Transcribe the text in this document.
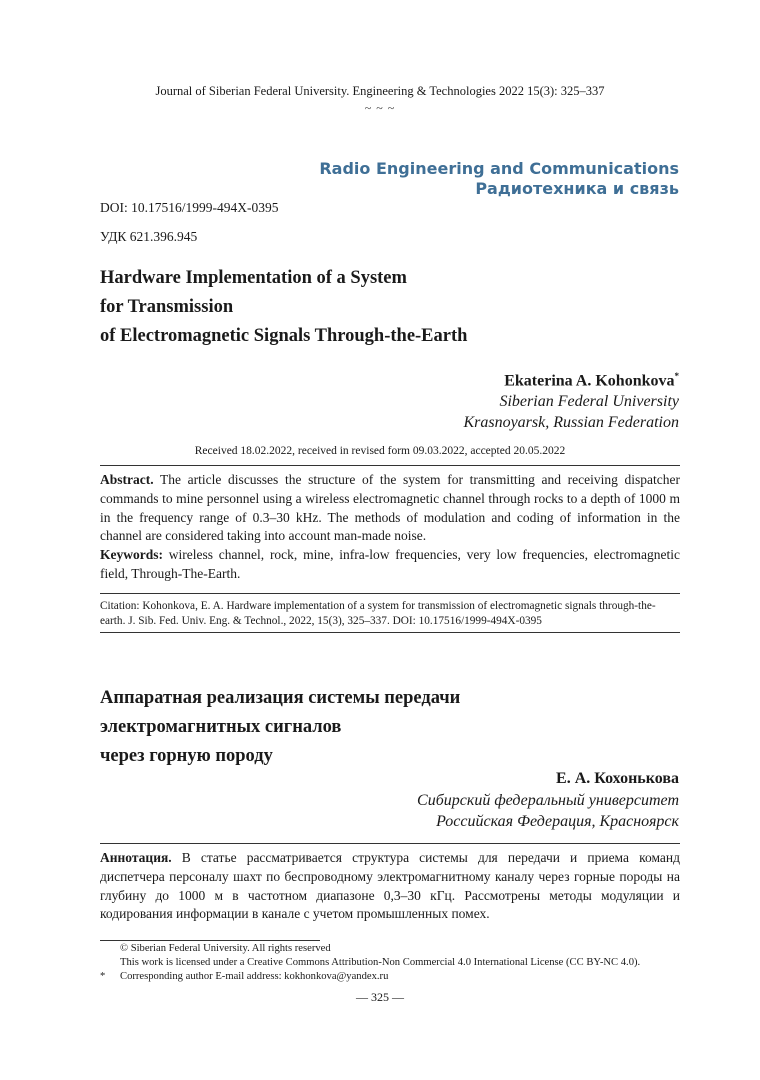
Journal of Siberian Federal University. Engineering & Technologies 2022 15(3): 325–337
~ ~ ~
Radio Engineering and Communications
Радиотехника и связь
DOI: 10.17516/1999-494X-0395
УДК 621.396.945
Hardware Implementation of a System
for Transmission
of Electromagnetic Signals Through-the-Earth
Ekaterina A. Kohonkova*
Siberian Federal University
Krasnoyarsk, Russian Federation
Received 18.02.2022, received in revised form 09.03.2022, accepted 20.05.2022
Abstract. The article discusses the structure of the system for transmitting and receiving dispatcher commands to mine personnel using a wireless electromagnetic channel through rocks to a depth of 1000 m in the frequency range of 0.3–30 kHz. The methods of modulation and coding of information in the channel are considered taking into account man-made noise.
Keywords: wireless channel, rock, mine, infra-low frequencies, very low frequencies, electromagnetic field, Through-The-Earth.
Citation: Kohonkova, E. A. Hardware implementation of a system for transmission of electromagnetic signals through-the-earth. J. Sib. Fed. Univ. Eng. & Technol., 2022, 15(3), 325–337. DOI: 10.17516/1999-494X-0395
Аппаратная реализация системы передачи
электромагнитных сигналов
через горную породу
Е. А. Кохонькова
Сибирский федеральный университет
Российская Федерация, Красноярск
Аннотация. В статье рассматривается структура системы для передачи и приема команд диспетчера персоналу шахт по беспроводному электромагнитному каналу через горные породы на глубину до 1000 м в частотном диапазоне 0,3–30 кГц. Рассмотрены методы модуляции и кодирования информации в канале с учетом промышленных помех.
© Siberian Federal University. All rights reserved
This work is licensed under a Creative Commons Attribution-Non Commercial 4.0 International License (CC BY-NC 4.0).
* Corresponding author E-mail address: kokhonkova@yandex.ru
— 325 —
